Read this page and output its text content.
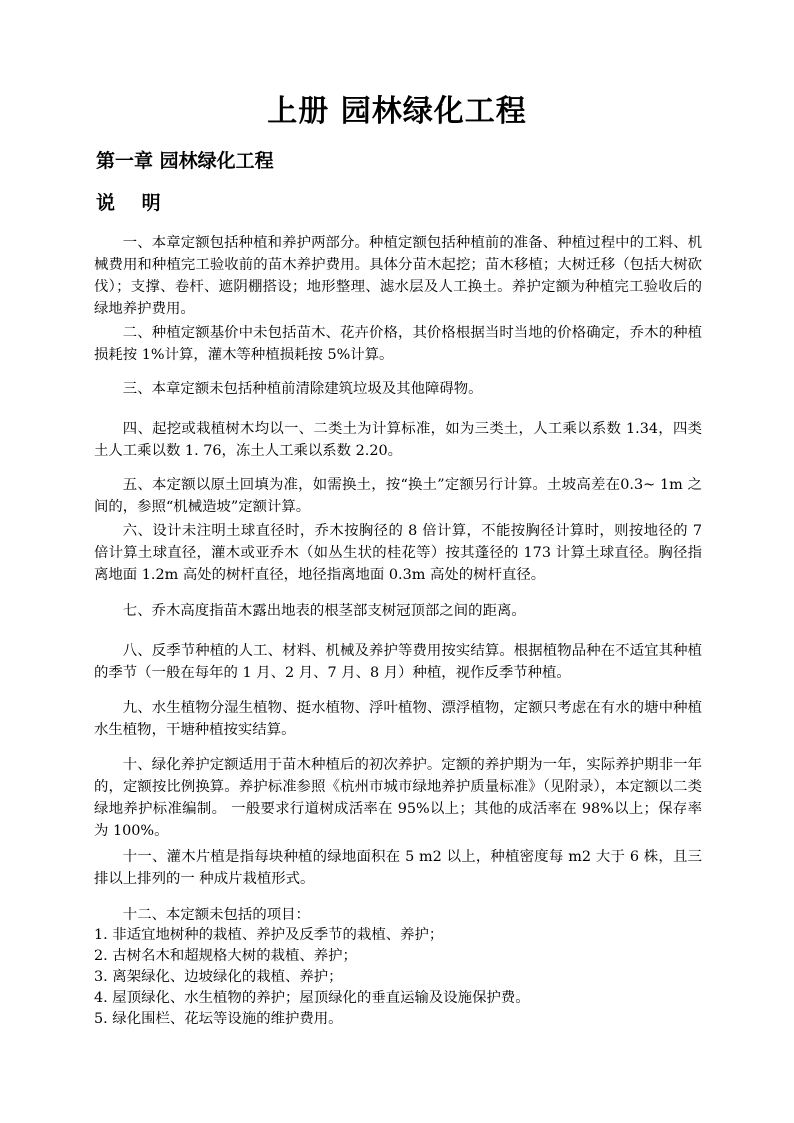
上册 园林绿化工程
第一章 园林绿化工程
说 明

一、本章定额包括种植和养护两部分。种植定额包括种植前的准备、种植过程中的工料、机械费用和种植完工验收前的苗木养护费用。具体分苗木起挖；苗木移植；大树迁移（包括大树砍伐）；支撑、卷杆、遮阴棚搭设；地形整理、滤水层及人工换土。养护定额为种植完工验收后的绿地养护费用。

二、种植定额基价中未包括苗木、花卉价格，其价格根据当时当地的价格确定，乔木的种植损耗按 1%计算，灌木等种植损耗按 5%计算。

三、本章定额未包括种植前清除建筑垃圾及其他障碍物。

四、起挖或栽植树木均以一、二类土为计算标准，如为三类土，人工乘以系数 1.34，四类土人工乘以数 1. 76，冻土人工乘以系数 2.20。

五、本定额以原土回填为准，如需换土，按“换土”定额另行计算。土坡高差在0.3~ 1m 之间的，参照“机械造坡”定额计算。

六、设计未注明土球直径时，乔木按胸径的 8 倍计算，不能按胸径计算时，则按地径的 7 倍计算土球直径，灌木或亚乔木（如丛生状的桂花等）按其蓬径的 173 计算土球直径。胸径指离地面 1.2m 高处的树杆直径，地径指离地面 0.3m 高处的树杆直径。

七、乔木高度指苗木露出地表的根茎部支树冠顶部之间的距离。

八、反季节种植的人工、材料、机械及养护等费用按实结算。根据植物品种在不适宜其种植的季节（一般在每年的 1 月、2 月、7 月、8 月）种植，视作反季节种植。

九、水生植物分湿生植物、挺水植物、浮叶植物、漂浮植物，定额只考虑在有水的塘中种植水生植物，干塘种植按实结算。

十、绿化养护定额适用于苗木种植后的初次养护。定额的养护期为一年，实际养护期非一年的，定额按比例换算。养护标准参照《杭州市城市绿地养护质量标准》（见附录），本定额以二类绿地养护标准编制。 一般要求行道树成活率在 95%以上；其他的成活率在 98%以上；保存率为 100%。

十一、灌木片植是指每块种植的绿地面积在 5 m2 以上，种植密度每 m2 大于 6 株，且三排以上排列的一 种成片栽植形式。

十二、本定额未包括的项目：

1. 非适宜地树种的栽植、养护及反季节的栽植、养护；

2. 古树名木和超规格大树的栽植、养护；

3. 离架绿化、边坡绿化的栽植、养护；

4. 屋顶绿化、水生植物的养护；屋顶绿化的垂直运输及设施保护费。

5. 绿化围栏、花坛等设施的维护费用。
